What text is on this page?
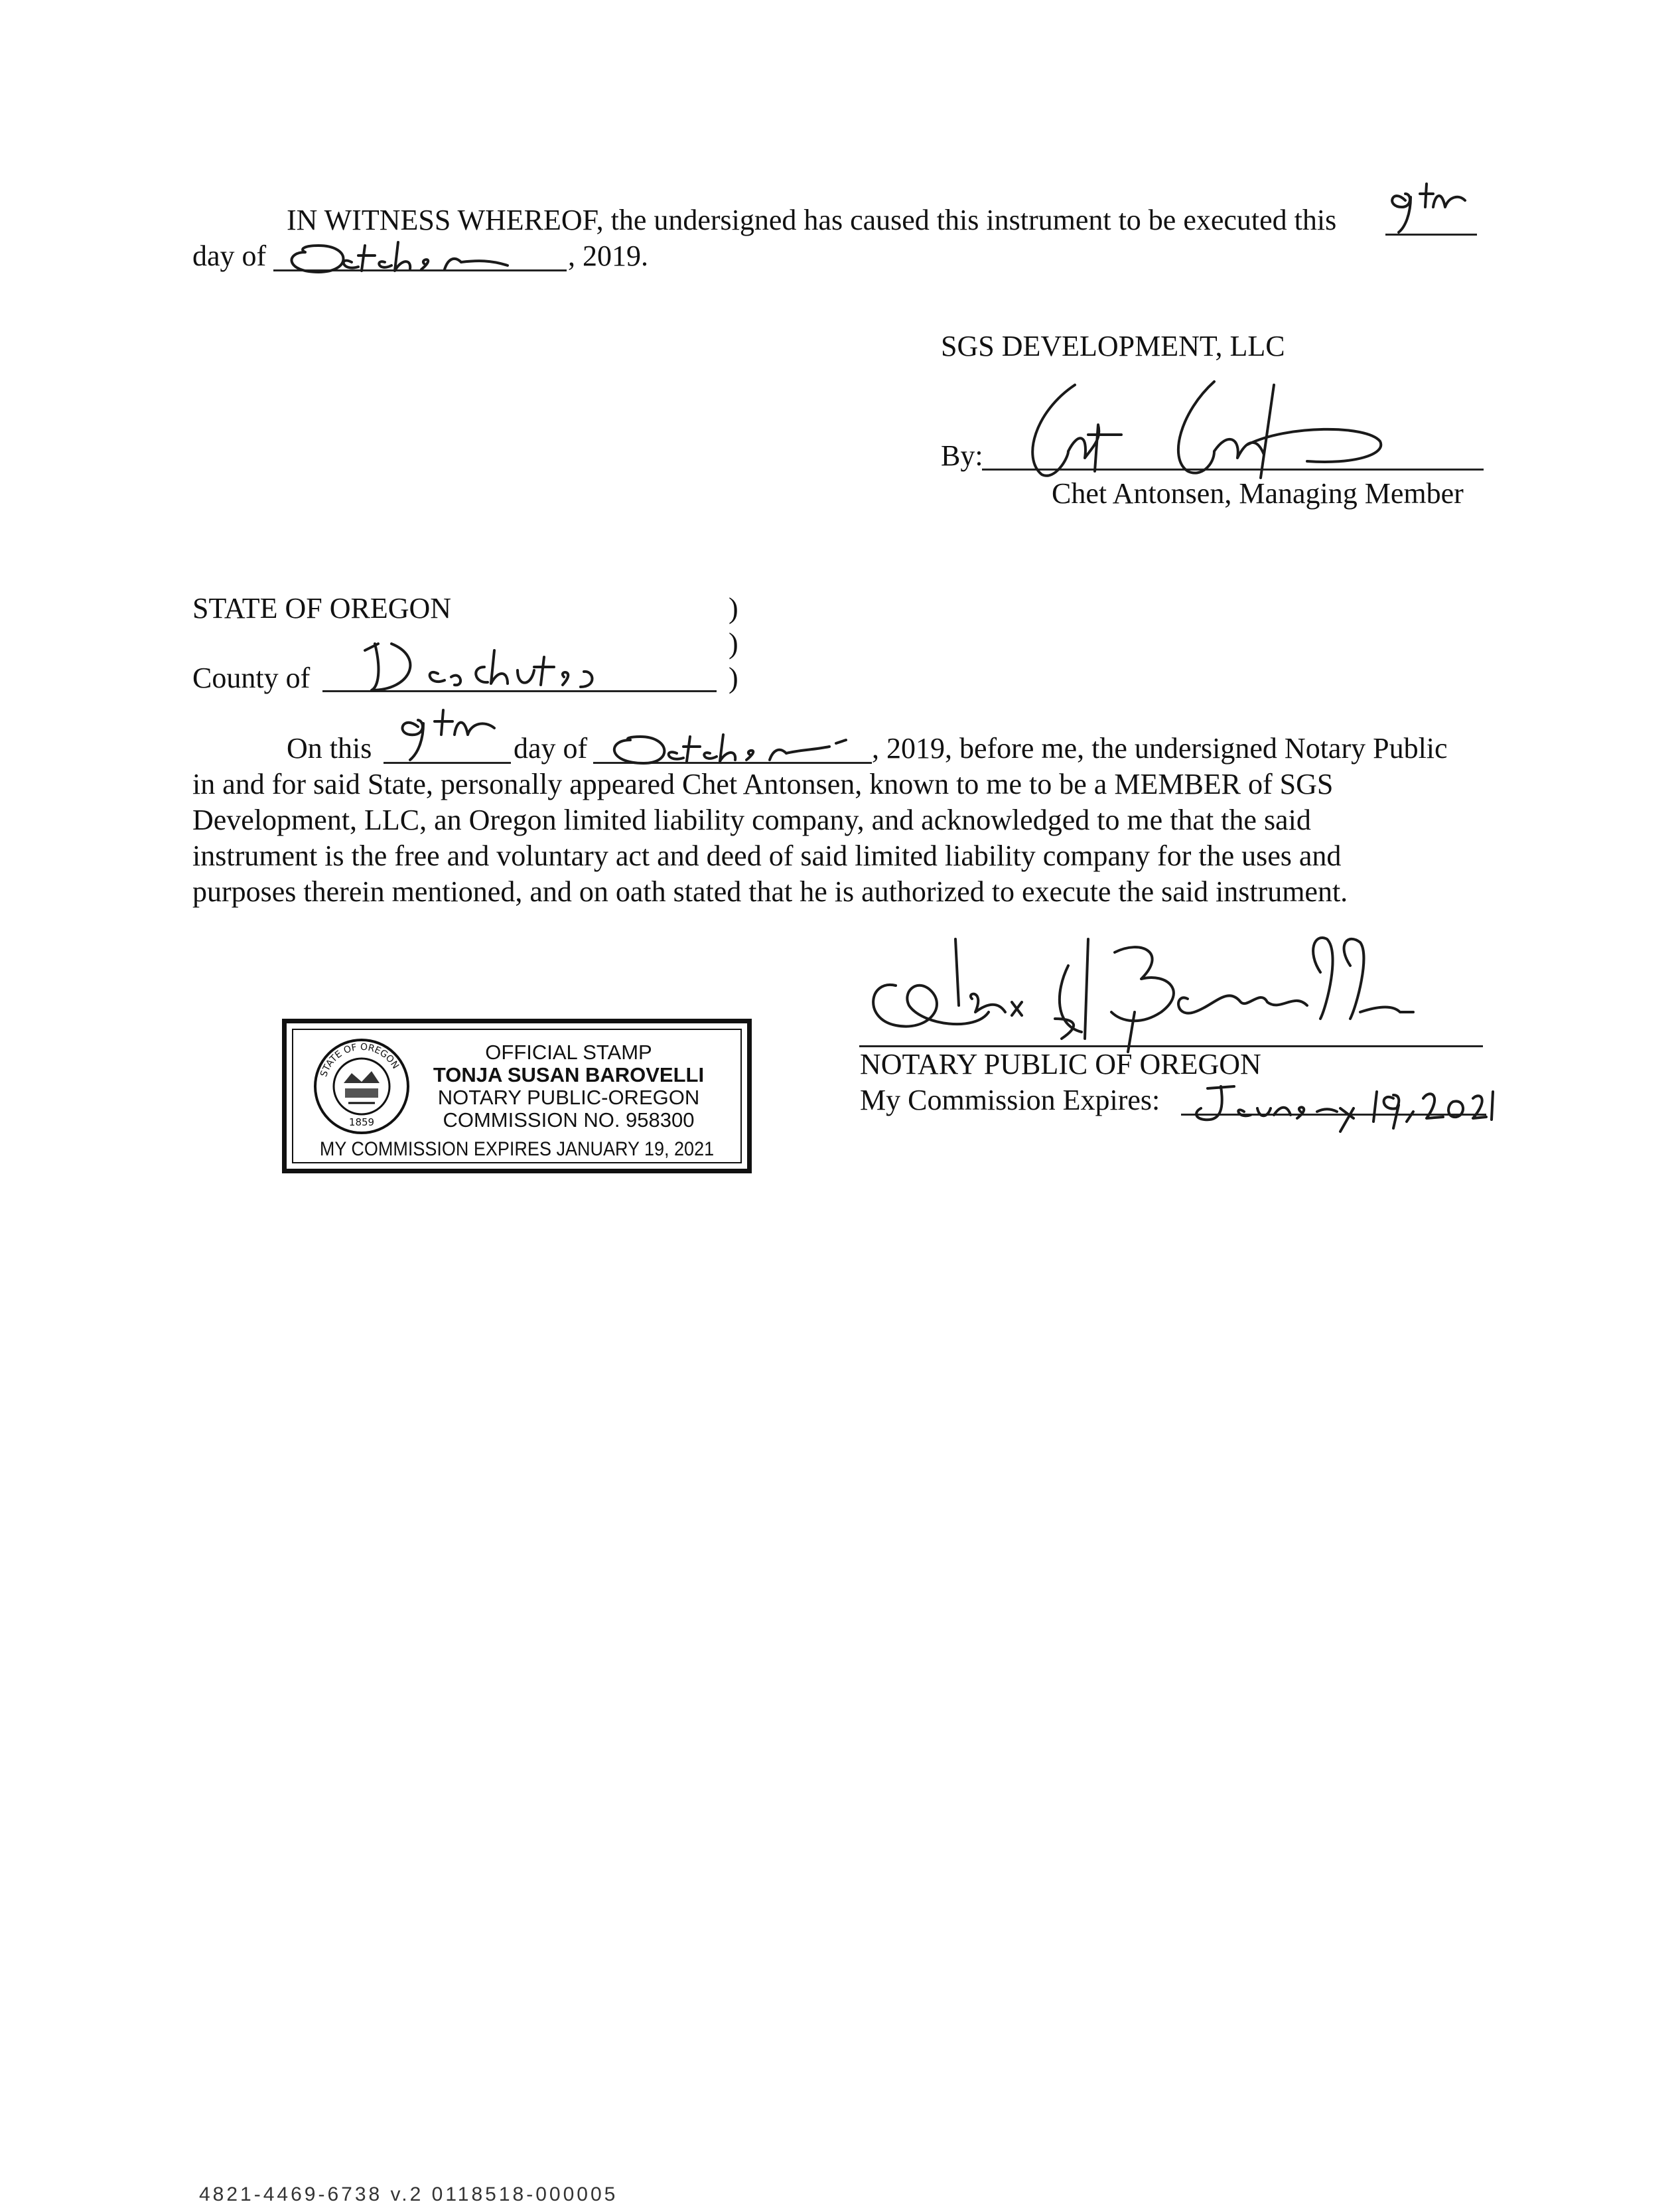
IN WITNESS WHEREOF, the undersigned has caused this instrument to be executed this
day of	, 2019.
SGS DEVELOPMENT, LLC
By:
Chet Antonsen, Managing Member
STATE OF OREGON	)
)
County of	)
On this	day of	, 2019, before me, the undersigned Notary Public
in and for said State, personally appeared Chet Antonsen, known to me to be a MEMBER of SGS
Development, LLC, an Oregon limited liability company, and acknowledged to me that the said
instrument is the free and voluntary act and deed of said limited liability company for the uses and
purposes therein mentioned, and on oath stated that he is authorized to execute the said instrument.
NOTARY PUBLIC OF OREGON
My Commission Expires:
STATE OF OREGON
1859
OFFICIAL STAMP
TONJA SUSAN BAROVELLI
NOTARY PUBLIC-OREGON
COMMISSION NO. 958300
MY COMMISSION EXPIRES JANUARY 19, 2021
4821-4469-6738 v.2 0118518-000005
